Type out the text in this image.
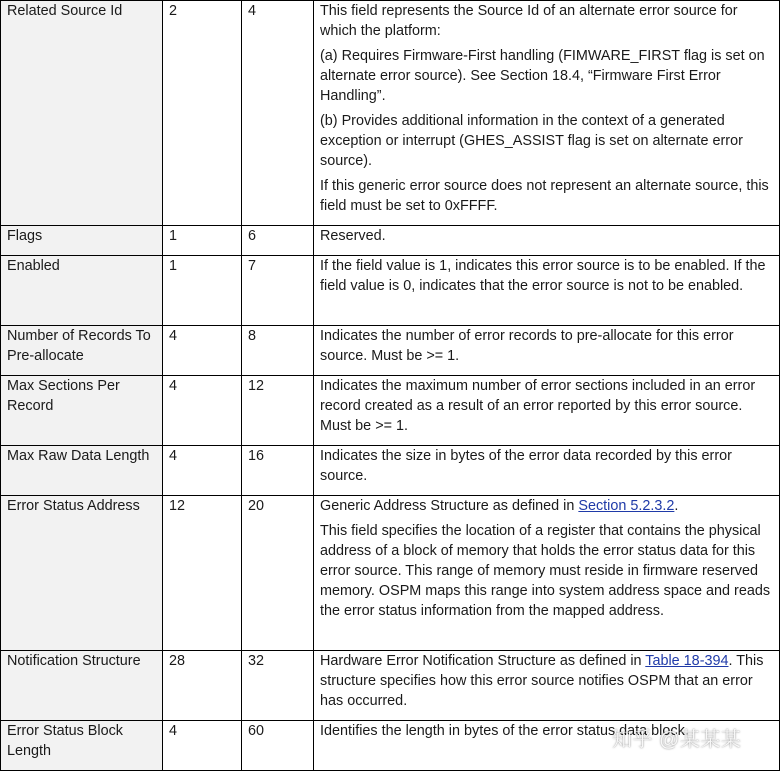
Related Source Id	2	4	This field represents the Source Id of an alternate error source for which the platform:

(a) Requires Firmware-First handling (FIMWARE_FIRST flag is set on alternate error source). See Section 18.4, “Firmware First Error Handling”.

(b) Provides additional information in the context of a generated exception or interrupt (GHES_ASSIST flag is set on alternate error source).

If this generic error source does not represent an alternate source, this field must be set to 0xFFFF.

Flags	1	6	Reserved.

Enabled	1	7	If the field value is 1, indicates this error source is to be enabled. If the field value is 0, indicates that the error source is not to be enabled.

Number of Records To Pre-allocate	4	8	Indicates the number of error records to pre-allocate for this error source. Must be >= 1.

Max Sections Per Record	4	12	Indicates the maximum number of error sections included in an error record created as a result of an error reported by this error source. Must be >= 1.

Max Raw Data Length	4	16	Indicates the size in bytes of the error data recorded by this error source.

Error Status Address	12	20	Generic Address Structure as defined in Section 5.2.3.2.

This field specifies the location of a register that contains the physical address of a block of memory that holds the error status data for this error source. This range of memory must reside in firmware reserved memory. OSPM maps this range into system address space and reads the error status information from the mapped address.

Notification Structure	28	32	Hardware Error Notification Structure as defined in Table 18-394. This structure specifies how this error source notifies OSPM that an error has occurred.

Error Status Block Length	4	60	Identifies the length in bytes of the error status data block.

知乎 @某某某
